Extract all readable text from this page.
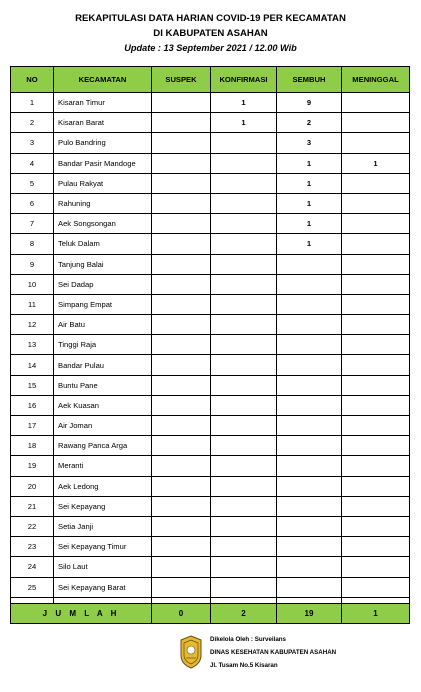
REKAPITULASI DATA HARIAN COVID-19 PER KECAMATAN
DI KABUPATEN ASAHAN
Update : 13 September 2021 / 12.00 Wib
NO	KECAMATAN	SUSPEK	KONFIRMASI	SEMBUH	MENINGGAL
1	Kisaran Timur		1	9	
2	Kisaran Barat		1	2	
3	Pulo Bandring			3	
4	Bandar Pasir Mandoge			1	1
5	Pulau Rakyat			1	
6	Rahuning			1	
7	Aek Songsongan			1	
8	Teluk Dalam			1	
9	Tanjung Balai				
10	Sei Dadap				
11	Simpang Empat				
12	Air Batu				
13	Tinggi Raja				
14	Bandar Pulau				
15	Buntu Pane				
16	Aek Kuasan				
17	Air Joman				
18	Rawang Panca Arga				
19	Meranti				
20	Aek Ledong				
21	Sei Kepayang				
22	Setia Janji				
23	Sei Kepayang Timur				
24	Silo Laut				
25	Sei Kepayang Barat				

J U M L A H		0	2	19	1
Dikelola Oleh : Surveilans
DINAS KESEHATAN KABUPATEN ASAHAN
Jl. Tusam No.5 Kisaran
